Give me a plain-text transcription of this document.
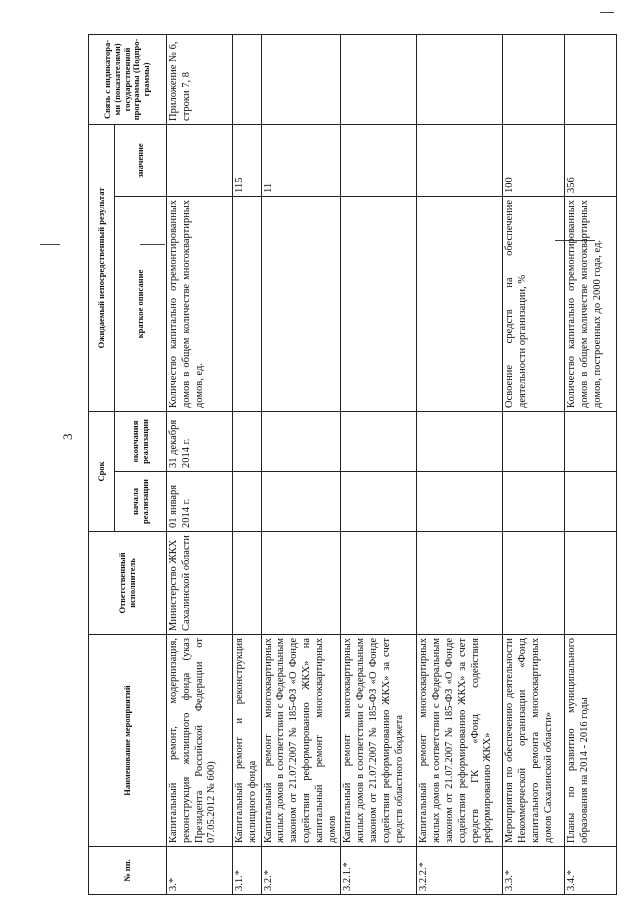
3
№ пп.	Наименование мероприятий	Ответственный исполнитель	Срок		Ожидаемый непосредственный результат		Связь с индикаторами (показателями) государственной программы (Подпрограммы)
			начала реализации	окончания реализации	краткое описание	значение	
3.*	Капитальный ремонт, модернизация, реконструкция жилищного фонда (указ Президента Российской Федерации от 07.05.2012 № 600)	Министерство ЖКХ Сахалинской области	01 января 2014 г.	31 декабря 2014 г.	Количество капитально отремонтированных домов в общем количестве многоквартирных домов, ед.		Приложение № 6, строки 7, 8
3.1.*	Капитальный ремонт и реконструкция жилищного фонда					115	
3.2.*	Капитальный ремонт многоквартирных жилых домов в соответствии с Федеральным законом от 21.07.2007 № 185-ФЗ «О Фонде содействия реформированию ЖКХ» на капитальный ремонт многоквартирных домов					11	
3.2.1.*	Капитальный ремонт многоквартирных жилых домов в соответствии с Федеральным законом от 21.07.2007 № 185-ФЗ «О Фонде содействия реформированию ЖКХ» за счет средств областного бюджета						
3.2.2.*	Капитальный ремонт многоквартирных жилых домов в соответствии с Федеральным законом от 21.07.2007 № 185-ФЗ «О Фонде содействия реформированию ЖКХ» за счет средств ГК «Фонд содействия реформированию ЖКХ»						
3.3.*	Мероприятия по обеспечению деятельности Некоммерческой организации «Фонд капитального ремонта многоквартирных домов Сахалинской области»				Освоение средств на обеспечение деятельности организации, %	100	
3.4.*	Планы по развитию муниципального образования на 2014 - 2016 годы				Количество капитально отремонтированных домов в общем количестве многоквартирных домов, построенных до 2000 года, ед.	356	
